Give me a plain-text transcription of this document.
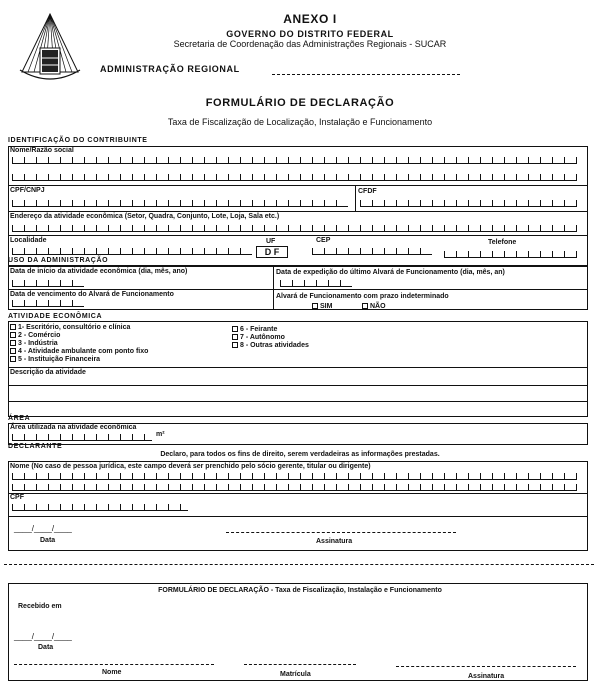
ANEXO I
GOVERNO DO DISTRITO FEDERAL
Secretaria de Coordenação das Administrações Regionais - SUCAR
ADMINISTRAÇÃO REGIONAL
FORMULÁRIO DE DECLARAÇÃO
Taxa de Fiscalização de Localização, Instalação e Funcionamento
IDENTIFICAÇÃO DO CONTRIBUINTE
Nome/Razão social
CPF/CNPJ	CFDF
Endereço da atividade econômica (Setor, Quadra, Conjunto, Lote, Loja, Sala etc.)
Localidade	UF	CEP	Telefone
D F
USO DA ADMINISTRAÇÃO
Data de início da atividade econômica (dia, mês, ano)	Data de expedição do último Alvará de Funcionamento (dia, mês, an)
Data de vencimento do Alvará de Funcionamento	Alvará de Funcionamento com prazo indeterminado
SIM	NÃO
ATIVIDADE ECONÔMICA
1- Escritório, consultório e clínica
2 - Comércio
3 - Indústria
4 - Atividade ambulante com ponto fixo
5 - Instituição Financeira
6 - Feirante
7 - Autônomo
8 - Outras atividades
Descrição da atividade
ÁREA
Área utilizada na atividade econômica
m²
DECLARANTE
Declaro, para todos os fins de direito, serem verdadeiras as informações prestadas.
Nome (No caso de pessoa jurídica, este campo deverá ser prenchido pelo sócio gerente, titular ou dirigente)
CPF
____/____/____
Data	Assinatura
FORMULÁRIO DE DECLARAÇÃO - Taxa de Fiscalização, Instalação e Funcionamento
Recebido em
____/____/____
Data
Nome	Matrícula	Assinatura
